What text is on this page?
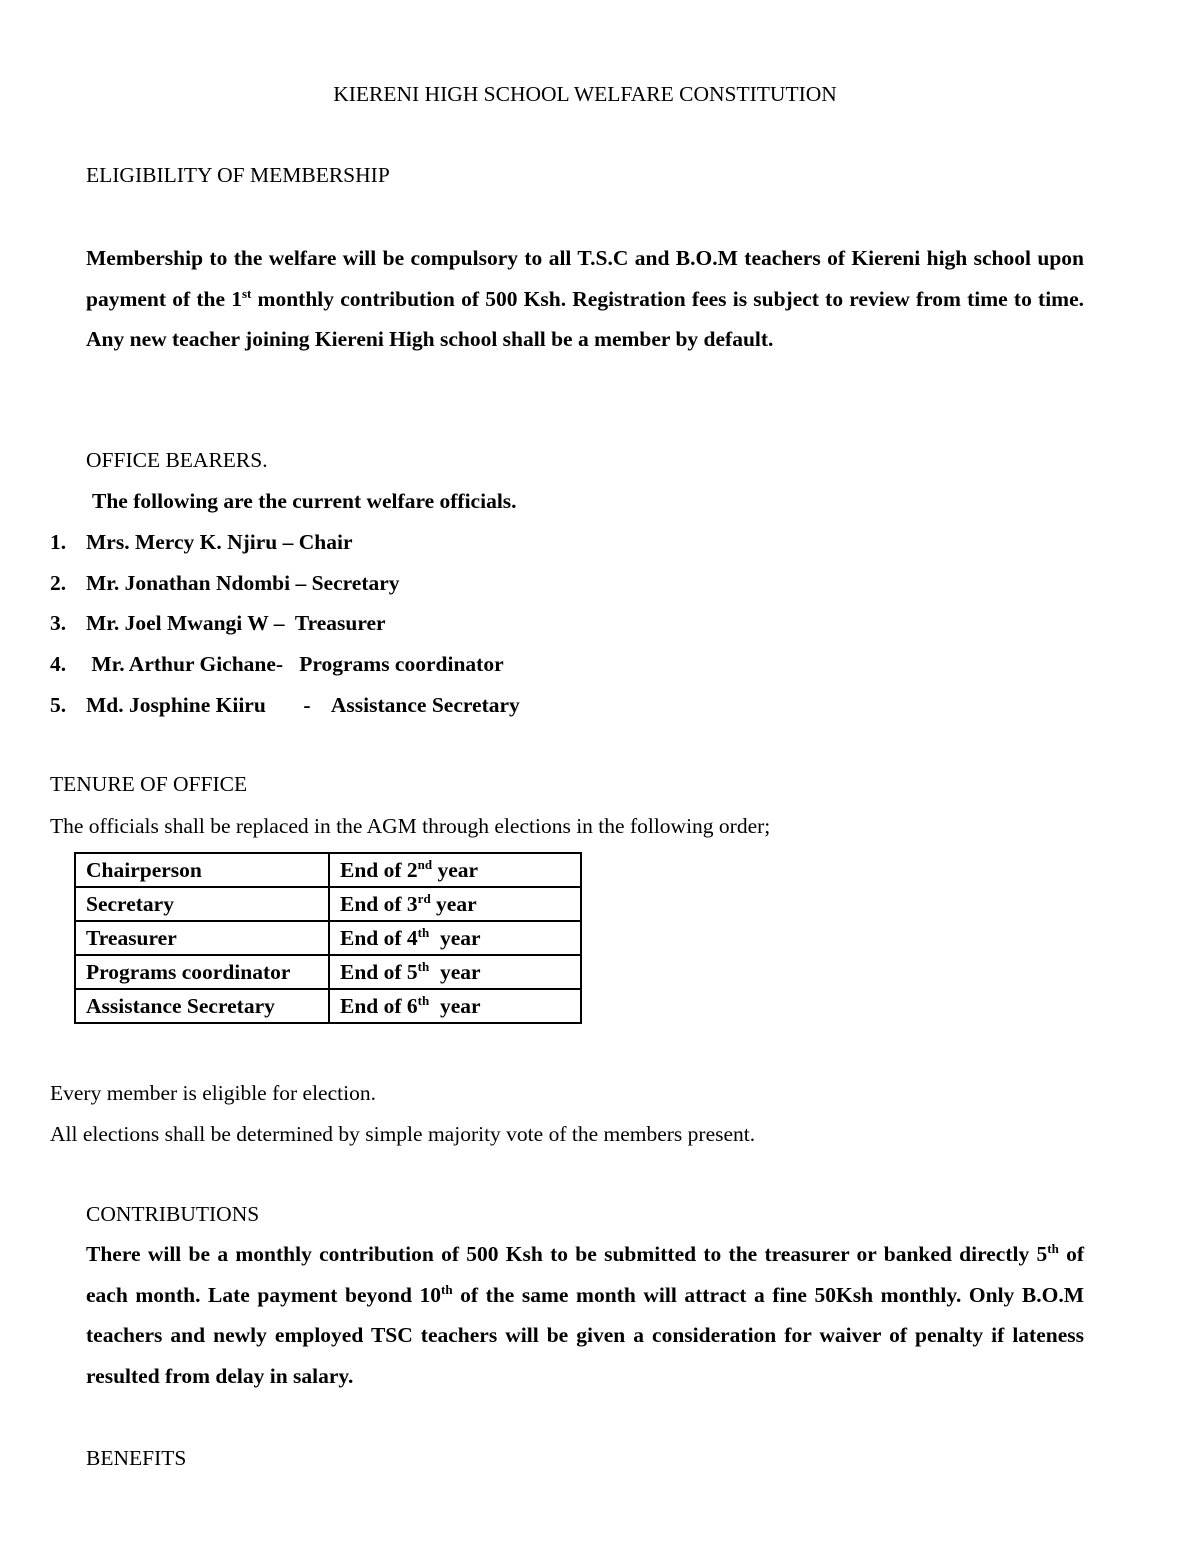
KIERENI HIGH SCHOOL WELFARE CONSTITUTION
ELIGIBILITY OF MEMBERSHIP
Membership to the welfare will be compulsory to all T.S.C and B.O.M teachers of Kiereni high school upon payment of the 1st monthly contribution of 500 Ksh. Registration fees is subject to review from time to time. Any new teacher joining Kiereni High school shall be a member by default.
OFFICE BEARERS.
The following are the current welfare officials.
1. Mrs. Mercy K. Njiru – Chair
2. Mr. Jonathan Ndombi – Secretary
3. Mr. Joel Mwangi W –  Treasurer
4. Mr. Arthur Gichane-   Programs coordinator
5. Md. Josphine Kiiru       -    Assistance Secretary
TENURE OF OFFICE
The officials shall be replaced in the AGM through elections in the following order;
Chairperson	End of 2nd year
Secretary	End of 3rd year
Treasurer	End of 4th  year
Programs coordinator	End of 5th  year
Assistance Secretary	End of 6th  year
Every member is eligible for election.
All elections shall be determined by simple majority vote of the members present.
CONTRIBUTIONS
There will be a monthly contribution of 500 Ksh to be submitted to the treasurer or banked directly 5th of each month. Late payment beyond 10th of the same month will attract a fine 50Ksh monthly. Only B.O.M teachers and newly employed TSC teachers will be given a consideration for waiver of penalty if lateness resulted from delay in salary.
BENEFITS
